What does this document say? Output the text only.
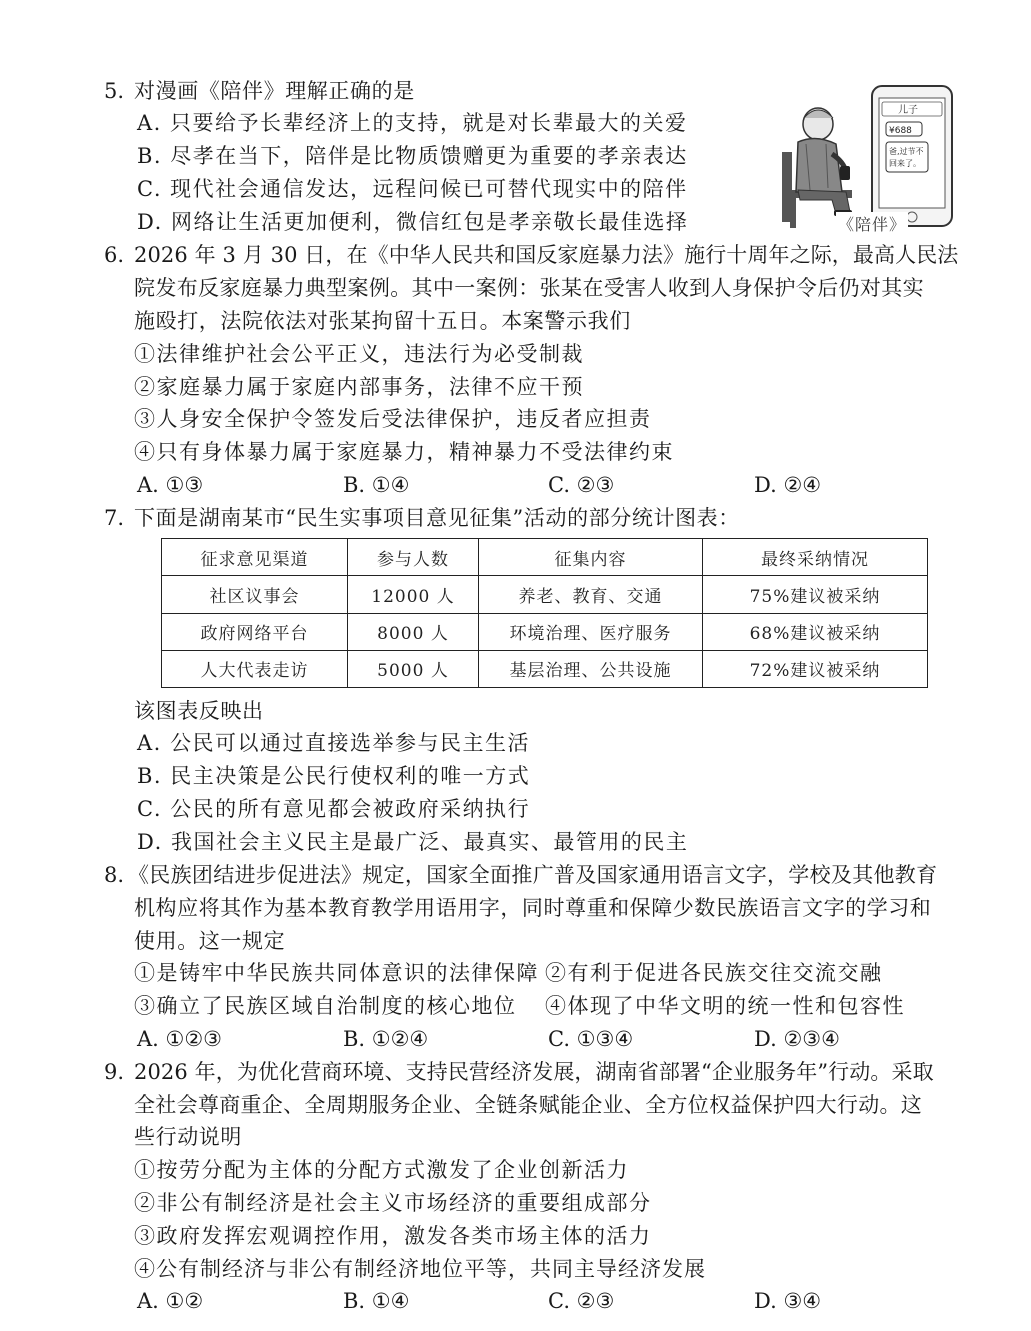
5. 对漫画《陪伴》理解正确的是
A. 只要给予长辈经济上的支持，就是对长辈最大的关爱
B. 尽孝在当下，陪伴是比物质馈赠更为重要的孝亲表达
C. 现代社会通信发达，远程问候已可替代现实中的陪伴
D. 网络让生活更加便利，微信红包是孝亲敬长最佳选择
儿子
¥688
爸,过节不
回来了。
《陪伴》
6. 2026 年 3 月 30 日，在《中华人民共和国反家庭暴力法》施行十周年之际，最高人民法
院发布反家庭暴力典型案例。其中一案例：张某在受害人收到人身保护令后仍对其实
施殴打，法院依法对张某拘留十五日。本案警示我们
①法律维护社会公平正义，违法行为必受制裁
②家庭暴力属于家庭内部事务，法律不应干预
③人身安全保护令签发后受法律保护，违反者应担责
④只有身体暴力属于家庭暴力，精神暴力不受法律约束
A. ①③	B. ①④	C. ②③	D. ②④
7. 下面是湖南某市“民生实事项目意见征集”活动的部分统计图表：
征求意见渠道	参与人数	征集内容	最终采纳情况
社区议事会	12000 人	养老、教育、交通	75%建议被采纳
政府网络平台	8000 人	环境治理、医疗服务	68%建议被采纳
人大代表走访	5000 人	基层治理、公共设施	72%建议被采纳
该图表反映出
A. 公民可以通过直接选举参与民主生活
B. 民主决策是公民行使权利的唯一方式
C. 公民的所有意见都会被政府采纳执行
D. 我国社会主义民主是最广泛、最真实、最管用的民主
8. 《民族团结进步促进法》规定，国家全面推广普及国家通用语言文字，学校及其他教育
机构应将其作为基本教育教学用语用字，同时尊重和保障少数民族语言文字的学习和
使用。这一规定
①是铸牢中华民族共同体意识的法律保障 ②有利于促进各民族交往交流交融
③确立了民族区域自治制度的核心地位 ④体现了中华文明的统一性和包容性
A. ①②③	B. ①②④	C. ①③④	D. ②③④
9. 2026 年，为优化营商环境、支持民营经济发展，湖南省部署“企业服务年”行动。采取
全社会尊商重企、全周期服务企业、全链条赋能企业、全方位权益保护四大行动。这
些行动说明
①按劳分配为主体的分配方式激发了企业创新活力
②非公有制经济是社会主义市场经济的重要组成部分
③政府发挥宏观调控作用，激发各类市场主体的活力
④公有制经济与非公有制经济地位平等，共同主导经济发展
A. ①②	B. ①④	C. ②③	D. ③④
